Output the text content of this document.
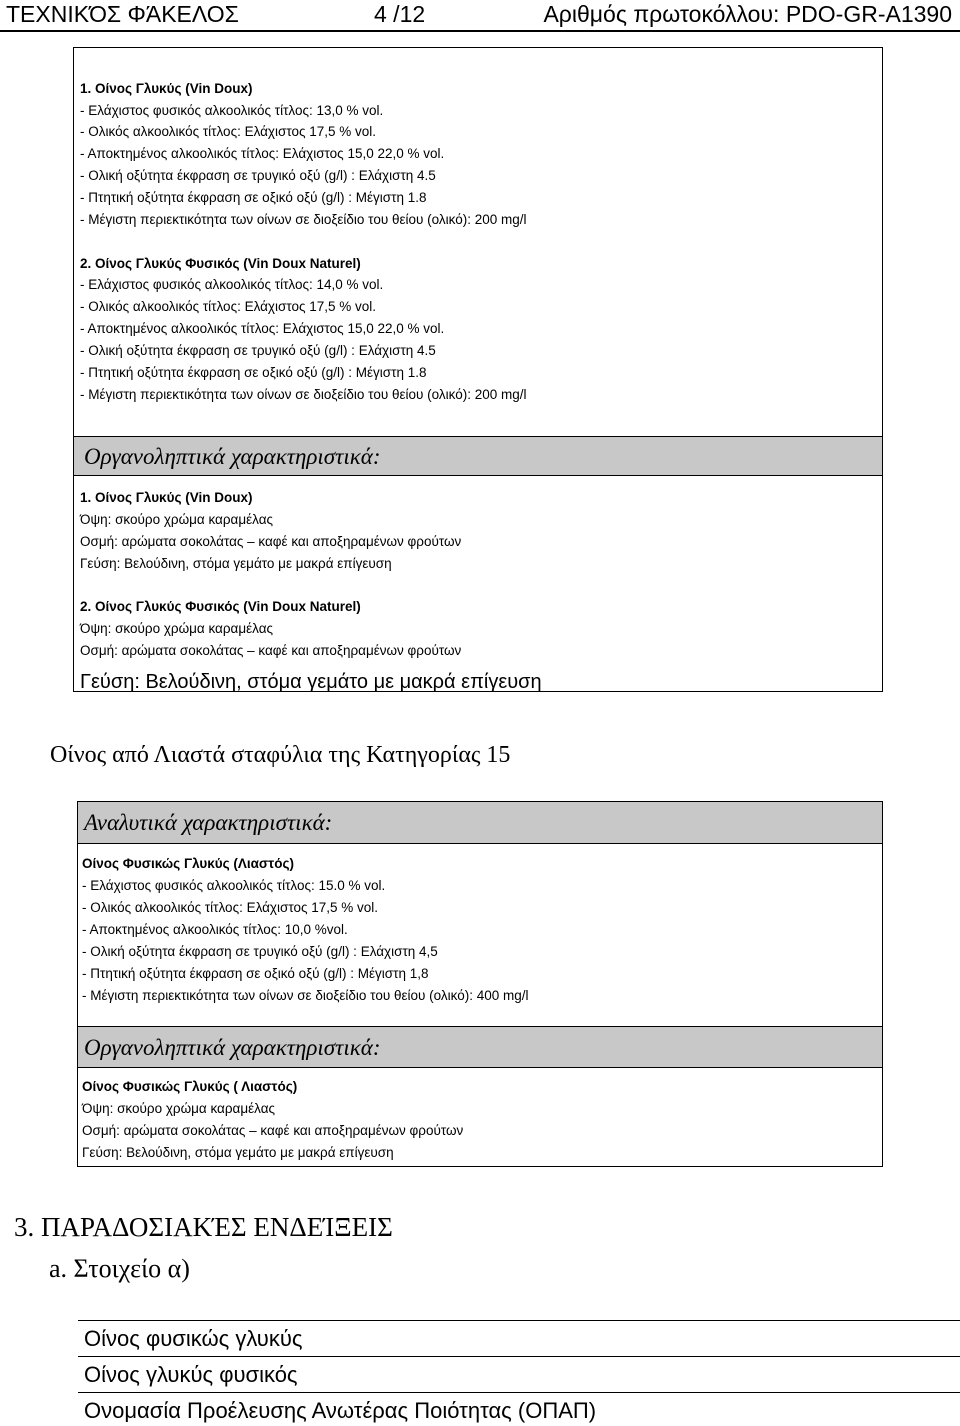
ΤΕΧΝΙΚΌΣ ΦΆΚΕΛΟΣ	4 /12	Αριθμός πρωτοκόλλου: PDO-GR-A1390
1. Οίνος Γλυκύς (Vin Doux)
- Ελάχιστος φυσικός αλκοολικός τίτλος: 13,0 % vol.
- Ολικός αλκοολικός τίτλος: Ελάχιστος 17,5 % vol.
- Αποκτημένος αλκοολικός τίτλος: Ελάχιστος 15,0 22,0 % vol.
- Ολική οξύτητα έκφραση σε τρυγικό οξύ (g/l) : Ελάχιστη 4.5
- Πτητική οξύτητα έκφραση σε οξικό οξύ (g/l) : Μέγιστη 1.8
- Μέγιστη περιεκτικότητα των οίνων σε διοξείδιο του θείου (ολικό): 200 mg/l
2. Οίνος Γλυκύς Φυσικός (Vin Doux Naturel)
- Ελάχιστος φυσικός αλκοολικός τίτλος: 14,0 % vol.
- Ολικός αλκοολικός τίτλος: Ελάχιστος 17,5 % vol.
- Αποκτημένος αλκοολικός τίτλος: Ελάχιστος 15,0 22,0 % vol.
- Ολική οξύτητα έκφραση σε τρυγικό οξύ (g/l) : Ελάχιστη 4.5
- Πτητική οξύτητα έκφραση σε οξικό οξύ (g/l) : Μέγιστη 1.8
- Μέγιστη περιεκτικότητα των οίνων σε διοξείδιο του θείου (ολικό): 200 mg/l
Οργανοληπτικά χαρακτηριστικά:
1. Οίνος Γλυκύς (Vin Doux)
Όψη: σκούρο χρώμα καραμέλας
Οσμή: αρώματα σοκολάτας – καφέ και αποξηραμένων φρούτων
Γεύση: Βελούδινη, στόμα γεμάτο με μακρά επίγευση
2. Οίνος Γλυκύς Φυσικός (Vin Doux Naturel)
Όψη: σκούρο χρώμα καραμέλας
Οσμή: αρώματα σοκολάτας – καφέ και αποξηραμένων φρούτων
Γεύση: Βελούδινη, στόμα γεμάτο με μακρά επίγευση
Οίνος από Λιαστά σταφύλια της Κατηγορίας 15
Αναλυτικά χαρακτηριστικά:
Οίνος Φυσικώς Γλυκύς (Λιαστός)
- Ελάχιστος φυσικός αλκοολικός τίτλος: 15.0 % vol.
- Ολικός αλκοολικός τίτλος: Ελάχιστος 17,5 % vol.
- Αποκτημένος αλκοολικός τίτλος: 10,0 %vol.
- Ολική οξύτητα έκφραση σε τρυγικό οξύ (g/l) : Ελάχιστη 4,5
- Πτητική οξύτητα έκφραση σε οξικό οξύ (g/l) : Μέγιστη 1,8
- Μέγιστη περιεκτικότητα των οίνων σε διοξείδιο του θείου (ολικό): 400 mg/l
Οργανοληπτικά χαρακτηριστικά:
Οίνος Φυσικώς Γλυκύς ( Λιαστός)
Όψη: σκούρο χρώμα καραμέλας
Οσμή: αρώματα σοκολάτας – καφέ και αποξηραμένων φρούτων
Γεύση: Βελούδινη, στόμα γεμάτο με μακρά επίγευση
3. ΠΑΡΑΔΟΣΙΑΚΈΣ ΕΝΔΕΊΞΕΙΣ
a. Στοιχείο α)
Οίνος φυσικώς γλυκύς
Οίνος γλυκύς φυσικός
Ονομασία Προέλευσης Ανωτέρας Ποιότητας (ΟΠΑΠ)
